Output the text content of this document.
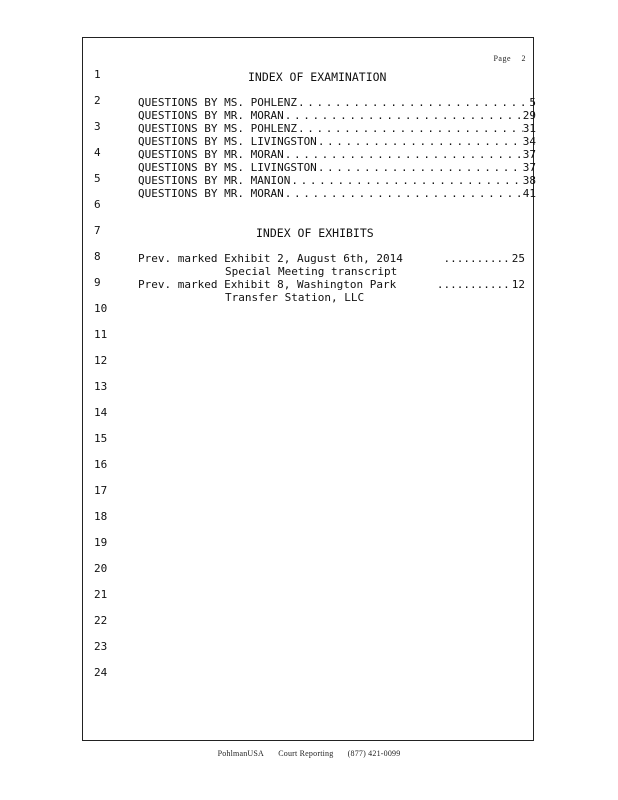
Page 2
1
2
3
4
5
6
7
8
9
10
11
12
13
14
15
16
17
18
19
20
21
22
23
24
INDEX OF EXAMINATION
QUESTIONS BY MS. POHLENZ . . .	5
QUESTIONS BY MR. MORAN . . .	29
QUESTIONS BY MS. POHLENZ . . .	31
QUESTIONS BY MS. LIVINGSTON . . .	34
QUESTIONS BY MR. MORAN . . .	37
QUESTIONS BY MS. LIVINGSTON . . .	37
QUESTIONS BY MR. MANION . . .	38
QUESTIONS BY MR. MORAN . . .	41
INDEX OF EXHIBITS
Prev. marked Exhibit 2, August 6th, 2014	.......... 25
Special Meeting transcript
Prev. marked Exhibit 8, Washington Park	........... 12
Transfer Station, LLC
PohlmanUSA Court Reporting (877) 421-0099
